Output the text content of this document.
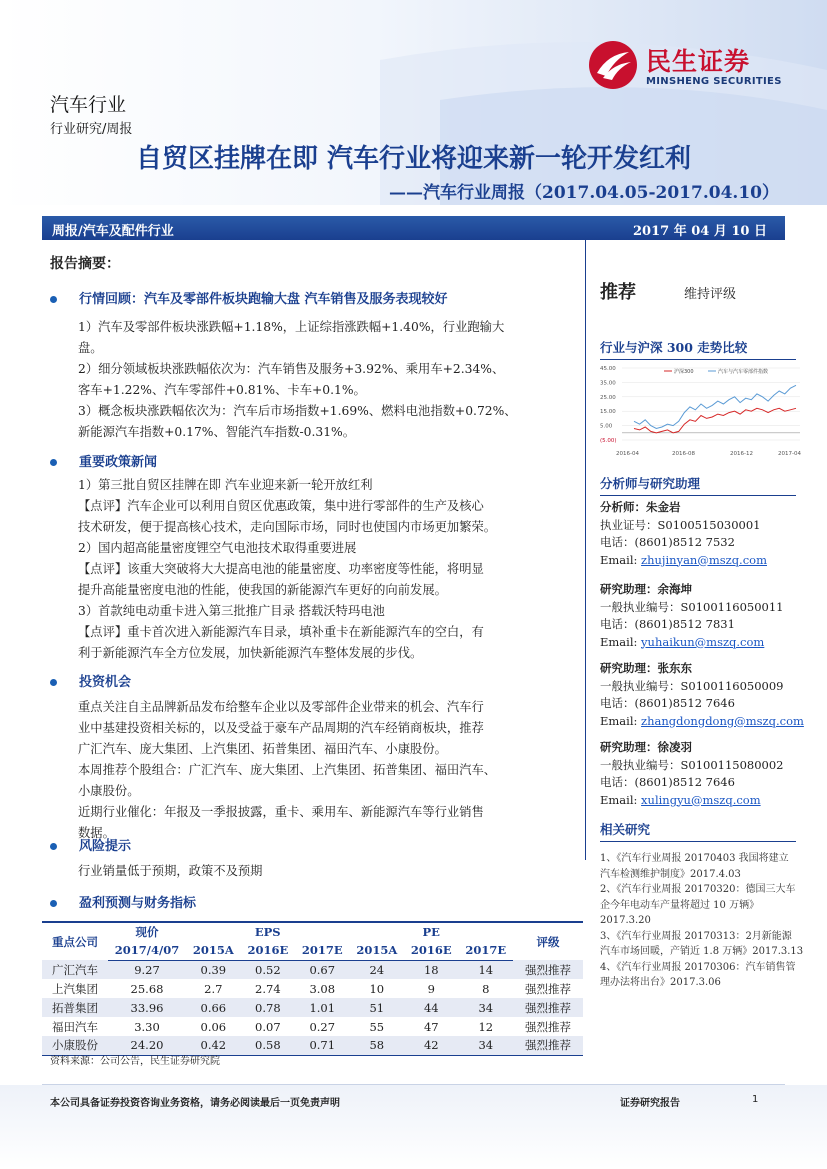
民生证券
MINSHENG SECURITIES
汽车行业
行业研究/周报
自贸区挂牌在即 汽车行业将迎来新一轮开发红利
——汽车行业周报（2017.04.05-2017.04.10）
周报/汽车及配件行业	2017 年 04 月 10 日
报告摘要：
行情回顾：汽车及零部件板块跑输大盘 汽车销售及服务表现较好
1）汽车及零部件板块涨跌幅+1.18%，上证综指涨跌幅+1.40%，行业跑输大
盘。
2）细分领域板块涨跌幅依次为：汽车销售及服务+3.92%、乘用车+2.34%、
客车+1.22%、汽车零部件+0.81%、卡车+0.1%。
3）概念板块涨跌幅依次为：汽车后市场指数+1.69%、燃料电池指数+0.72%、
新能源汽车指数+0.17%、智能汽车指数-0.31%。
重要政策新闻
1）第三批自贸区挂牌在即 汽车业迎来新一轮开放红利
【点评】汽车企业可以利用自贸区优惠政策，集中进行零部件的生产及核心
技术研发，便于提高核心技术，走向国际市场，同时也使国内市场更加繁荣。
2）国内超高能量密度锂空气电池技术取得重要进展
【点评】该重大突破将大大提高电池的能量密度、功率密度等性能，将明显
提升高能量密度电池的性能，使我国的新能源汽车更好的向前发展。
3）首款纯电动重卡进入第三批推广目录 搭载沃特玛电池
【点评】重卡首次进入新能源汽车目录，填补重卡在新能源汽车的空白，有
利于新能源汽车全方位发展，加快新能源汽车整体发展的步伐。
投资机会
重点关注自主品牌新品发布给整车企业以及零部件企业带来的机会、汽车行
业中基建投资相关标的，以及受益于豪车产品周期的汽车经销商板块，推荐
广汇汽车、庞大集团、上汽集团、拓普集团、福田汽车、小康股份。
本周推荐个股组合：广汇汽车、庞大集团、上汽集团、拓普集团、福田汽车、
小康股份。
近期行业催化：年报及一季报披露，重卡、乘用车、新能源汽车等行业销售
数据。
风险提示
行业销量低于预期，政策不及预期
盈利预测与财务指标
重点公司	现价	EPS			PE			评级
	2017/4/07	2015A	2016E	2017E	2015A	2016E	2017E	
广汇汽车	9.27	0.39	0.52	0.67	24	18	14	强烈推荐
上汽集团	25.68	2.7	2.74	3.08	10	9	8	强烈推荐
拓普集团	33.96	0.66	0.78	1.01	51	44	34	强烈推荐
福田汽车	3.30	0.06	0.07	0.27	55	47	12	强烈推荐
小康股份	24.20	0.42	0.58	0.71	58	42	34	强烈推荐
资料来源：公司公告，民生证券研究院
推荐	维持评级
行业与沪深 300 走势比较
45.00
35.00
25.00
15.00
5.00
(5.00)
2016-04	2016-08	2016-12	2017-04
沪深300	汽车与汽车零部件指数
分析师与研究助理
分析师：朱金岩
执业证号：S0100515030001
电话：(8601)8512 7532
Email: zhujinyan@mszq.com
研究助理：余海坤
一般执业编号：S0100116050011
电话：(8601)8512 7831
Email: yuhaikun@mszq.com
研究助理：张东东
一般执业编号：S0100116050009
电话：(8601)8512 7646
Email: zhangdongdong@mszq.com
研究助理：徐凌羽
一般执业编号：S0100115080002
电话：(8601)8512 7646
Email: xulingyu@mszq.com
相关研究
1、《汽车行业周报 20170403 我国将建立
汽车检测维护制度》2017.4.03
2、《汽车行业周报 20170320：德国三大车
企今年电动车产量将超过 10 万辆》
2017.3.20
3、《汽车行业周报 20170313：2月新能源
汽车市场回暖，产销近 1.8 万辆》2017.3.13
4、《汽车行业周报 20170306：汽车销售管
理办法将出台》2017.3.06
本公司具备证券投资咨询业务资格，请务必阅读最后一页免责声明	证券研究报告	1
